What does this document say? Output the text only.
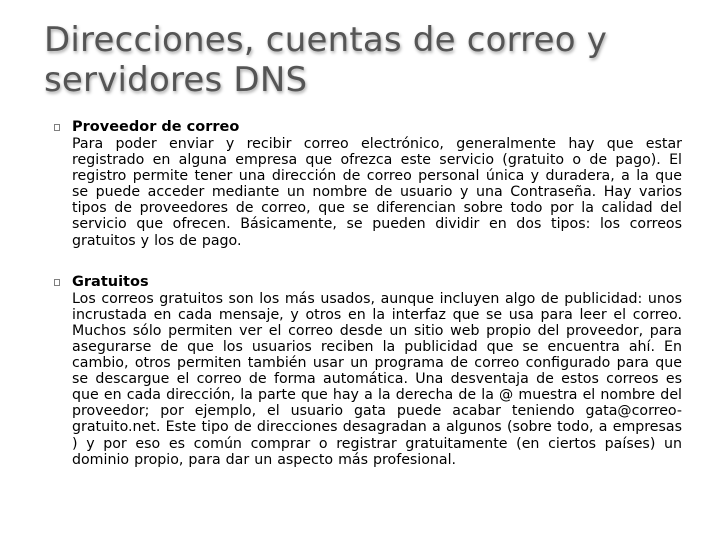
Direcciones, cuentas de correo y servidores DNS
Proveedor de correo
Para poder enviar y recibir correo electrónico, generalmente hay que estar registrado en alguna empresa que ofrezca este servicio (gratuito o de pago). El registro permite tener una dirección de correo personal única y duradera, a la que se puede acceder mediante un nombre de usuario y una Contraseña. Hay varios tipos de proveedores de correo, que se diferencian sobre todo por la calidad del servicio que ofrecen. Básicamente, se pueden dividir en dos tipos: los correos gratuitos y los de pago.
Gratuitos
Los correos gratuitos son los más usados, aunque incluyen algo de publicidad: unos incrustada en cada mensaje, y otros en la interfaz que se usa para leer el correo. Muchos sólo permiten ver el correo desde un sitio web propio del proveedor, para asegurarse de que los usuarios reciben la publicidad que se encuentra ahí. En cambio, otros permiten también usar un programa de correo configurado para que se descargue el correo de forma automática. Una desventaja de estos correos es que en cada dirección, la parte que hay a la derecha de la @ muestra el nombre del proveedor; por ejemplo, el usuario gata puede acabar teniendo gata@correo-gratuito.net. Este tipo de direcciones desagradan a algunos (sobre todo, a empresas ) y por eso es común comprar o registrar gratuitamente (en ciertos países) un dominio propio, para dar un aspecto más profesional.
